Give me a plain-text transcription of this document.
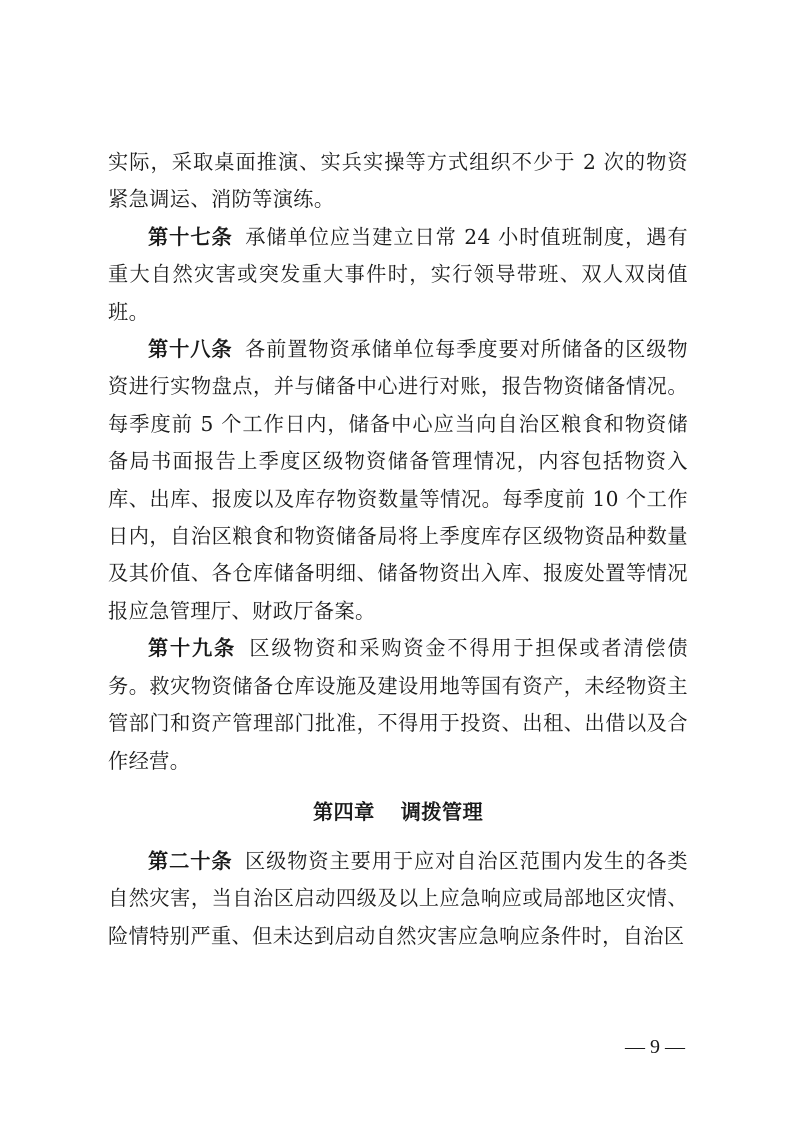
实际，采取桌面推演、实兵实操等方式组织不少于 2 次的物资紧急调运、消防等演练。

第十七条 承储单位应当建立日常 24 小时值班制度，遇有重大自然灾害或突发重大事件时，实行领导带班、双人双岗值班。

第十八条 各前置物资承储单位每季度要对所储备的区级物资进行实物盘点，并与储备中心进行对账，报告物资储备情况。每季度前 5 个工作日内，储备中心应当向自治区粮食和物资储备局书面报告上季度区级物资储备管理情况，内容包括物资入库、出库、报废以及库存物资数量等情况。每季度前 10 个工作日内，自治区粮食和物资储备局将上季度库存区级物资品种数量及其价值、各仓库储备明细、储备物资出入库、报废处置等情况报应急管理厅、财政厅备案。

第十九条 区级物资和采购资金不得用于担保或者清偿债务。救灾物资储备仓库设施及建设用地等国有资产，未经物资主管部门和资产管理部门批准，不得用于投资、出租、出借以及合作经营。

第四章 调拨管理

第二十条 区级物资主要用于应对自治区范围内发生的各类自然灾害，当自治区启动四级及以上应急响应或局部地区灾情、险情特别严重、但未达到启动自然灾害应急响应条件时，自治区

— 9 —
